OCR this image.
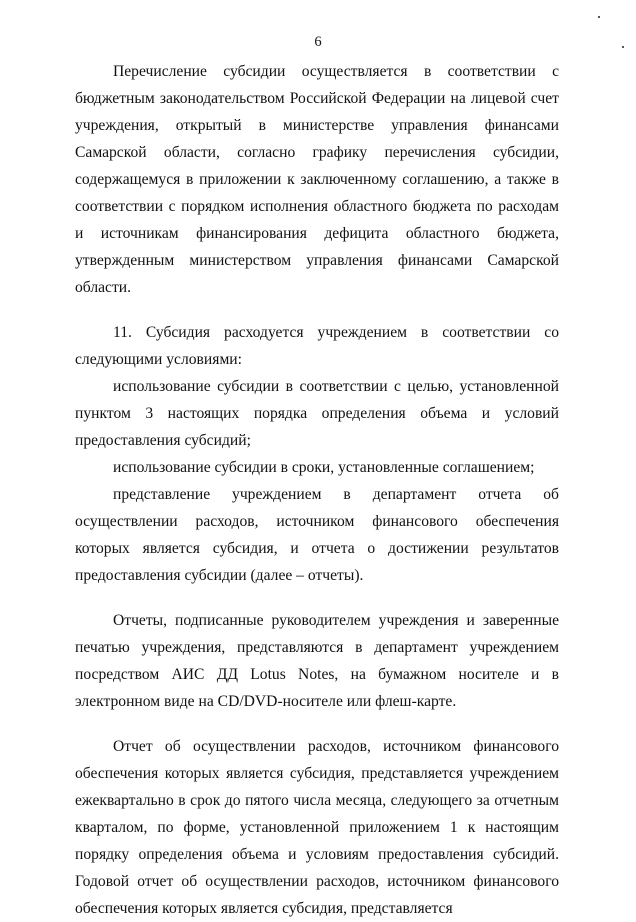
6

Перечисление субсидии осуществляется в соответствии с бюджетным законодательством Российской Федерации на лицевой счет учреждения, открытый в министерстве управления финансами Самарской области, согласно графику перечисления субсидии, содержащемуся в приложении к заключенному соглашению, а также в соответствии с порядком исполнения областного бюджета по расходам и источникам финансирования дефицита областного бюджета, утвержденным министерством управления финансами Самарской области.

11. Субсидия расходуется учреждением в соответствии со следующими условиями:

использование субсидии в соответствии с целью, установленной пунктом 3 настоящих порядка определения объема и условий предоставления субсидий;

использование субсидии в сроки, установленные соглашением;

представление учреждением в департамент отчета об осуществлении расходов, источником финансового обеспечения которых является субсидия, и отчета о достижении результатов предоставления субсидии (далее – отчеты).

Отчеты, подписанные руководителем учреждения и заверенные печатью учреждения, представляются в департамент учреждением посредством АИС ДД Lotus Notes, на бумажном носителе и в электронном виде на CD/DVD-носителе или флеш-карте.

Отчет об осуществлении расходов, источником финансового обеспечения которых является субсидия, представляется учреждением ежеквартально в срок до пятого числа месяца, следующего за отчетным кварталом, по форме, установленной приложением 1 к настоящим порядку определения объема и условиям предоставления субсидий. Годовой отчет об осуществлении расходов, источником финансового обеспечения которых является субсидия, представляется
